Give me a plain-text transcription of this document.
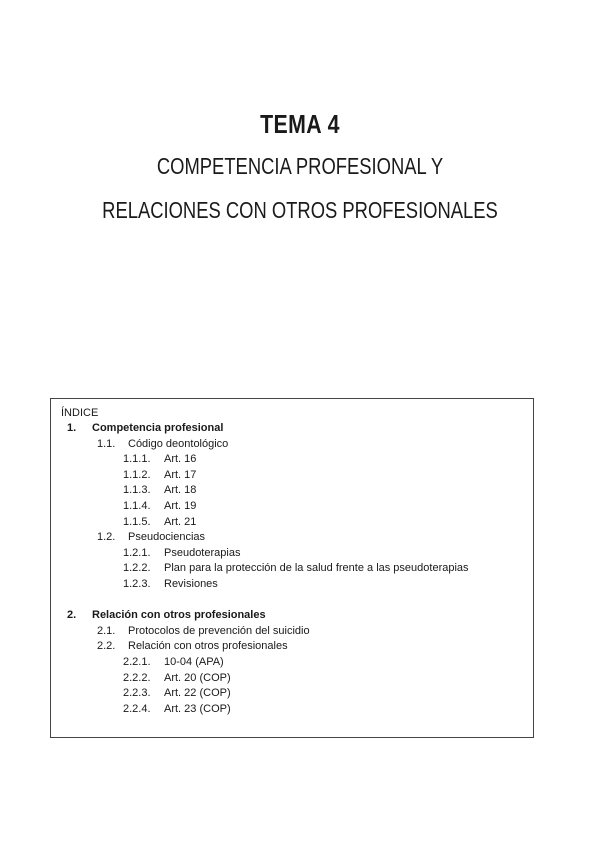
TEMA 4
COMPETENCIA PROFESIONAL Y
RELACIONES CON OTROS PROFESIONALES
ÍNDICE
1. Competencia profesional
1.1. Código deontológico
1.1.1. Art. 16
1.1.2. Art. 17
1.1.3. Art. 18
1.1.4. Art. 19
1.1.5. Art. 21
1.2. Pseudociencias
1.2.1. Pseudoterapias
1.2.2. Plan para la protección de la salud frente a las pseudoterapias
1.2.3. Revisiones
2. Relación con otros profesionales
2.1. Protocolos de prevención del suicidio
2.2. Relación con otros profesionales
2.2.1. 10-04 (APA)
2.2.2. Art. 20 (COP)
2.2.3. Art. 22 (COP)
2.2.4. Art. 23 (COP)
